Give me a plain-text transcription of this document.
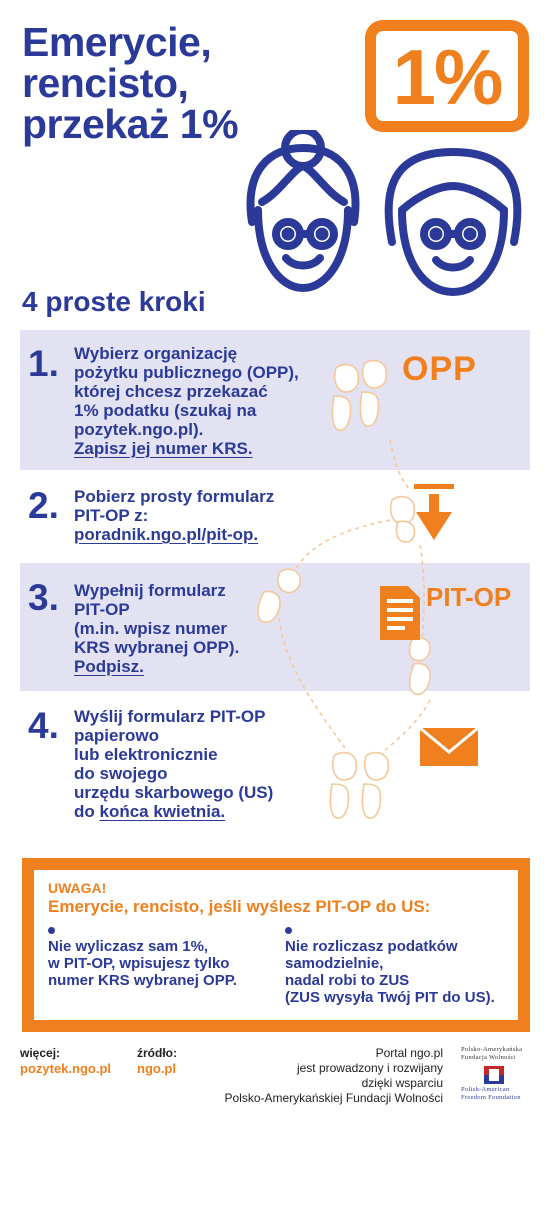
Emerycie,
rencisto,
przekaż 1%
1%
4 proste kroki
OPP
PIT-OP
1. Wybierz organizację
pożytku publicznego (OPP),
której chcesz przekazać
1% podatku (szukaj na
pozytek.ngo.pl).
Zapisz jej numer KRS.
2. Pobierz prosty formularz
PIT-OP z:
poradnik.ngo.pl/pit-op.
3. Wypełnij formularz
PIT-OP
(m.in. wpisz numer
KRS wybranej OPP).
Podpisz.
4. Wyślij formularz PIT-OP
papierowo
lub elektronicznie
do swojego
urzędu skarbowego (US)
do końca kwietnia.
UWAGA!
Emerycie, rencisto, jeśli wyślesz PIT-OP do US:
Nie wyliczasz sam 1%,
w PIT-OP, wpisujesz tylko
numer KRS wybranej OPP.
Nie rozliczasz podatków
samodzielnie,
nadal robi to ZUS
(ZUS wysyła Twój PIT do US).
więcej:
pozytek.ngo.pl
źródło:
ngo.pl
Portal ngo.pl
jest prowadzony i rozwijany
dzięki wsparciu
Polsko-Amerykańskiej Fundacji Wolności
Polsko-Amerykańska
Fundacja Wolności
Polish-American
Freedom Foundation
